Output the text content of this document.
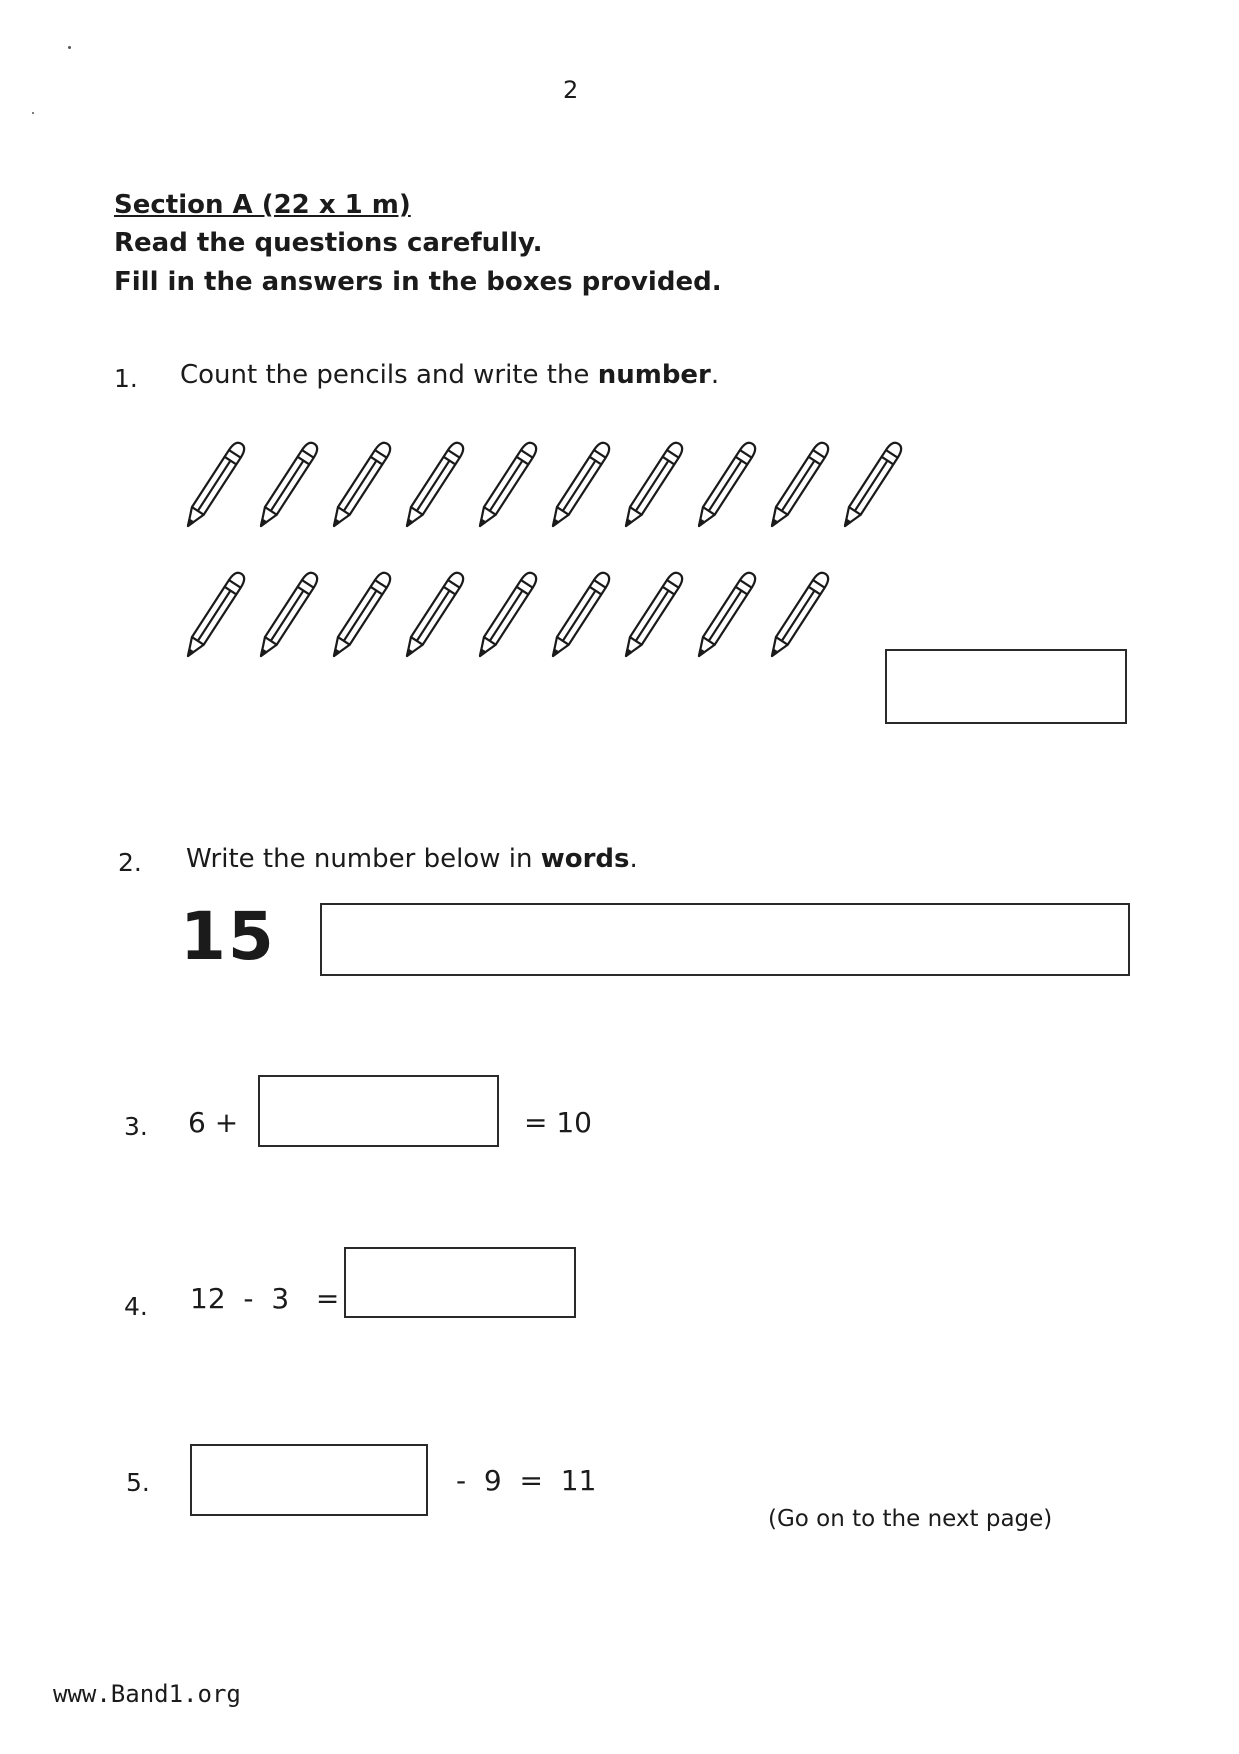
2
Section A (22 x 1 m)
Read the questions carefully.
Fill in the answers in the boxes provided.
1. Count the pencils and write the number.
2. Write the number below in words.
15
3. 6 +	= 10
4. 12  -  3   =
5.	-  9  =  11
(Go on to the next page)
www.Band1.org
